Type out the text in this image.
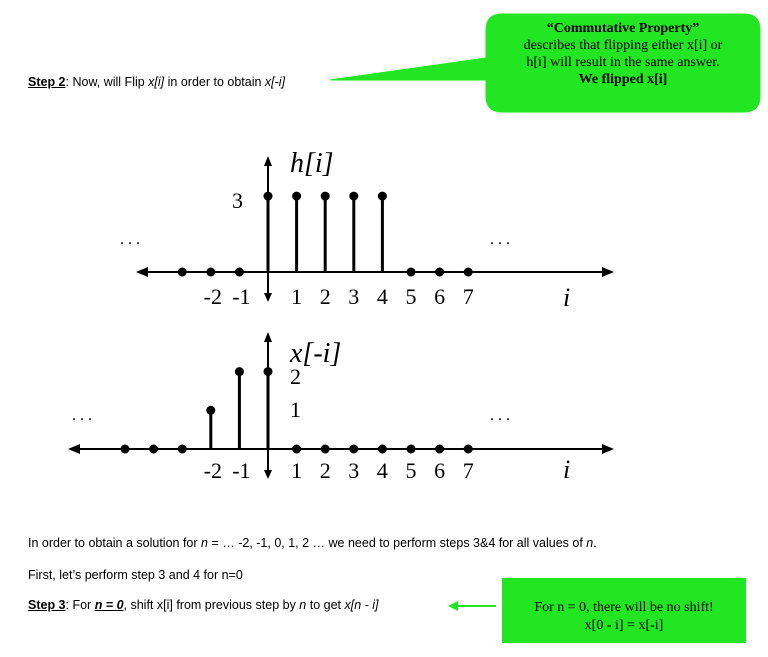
Step 2: Now, will Flip x[i] in order to obtain x[-i]
-2 -1 1 2 3 4 5 6 7
h[i]
3
. . .	. . .
i
-2 -1 1 2 3 4 5 6 7
x[-i]
2
1
. . .	. . .
i
“Commutative Property”
describes that flipping either x[i] or
h[i] will result in the same answer.
We flipped x[i]
In order to obtain a solution for n = … -2, -1, 0, 1, 2 … we need to perform steps 3&4 for all values of n.
First, let’s perform step 3 and 4 for n=0
Step 3: For n = 0, shift x[i] from previous step by n to get x[n - i]	For n = 0, there will be no shift!
x[0 - i] = x[-i]
